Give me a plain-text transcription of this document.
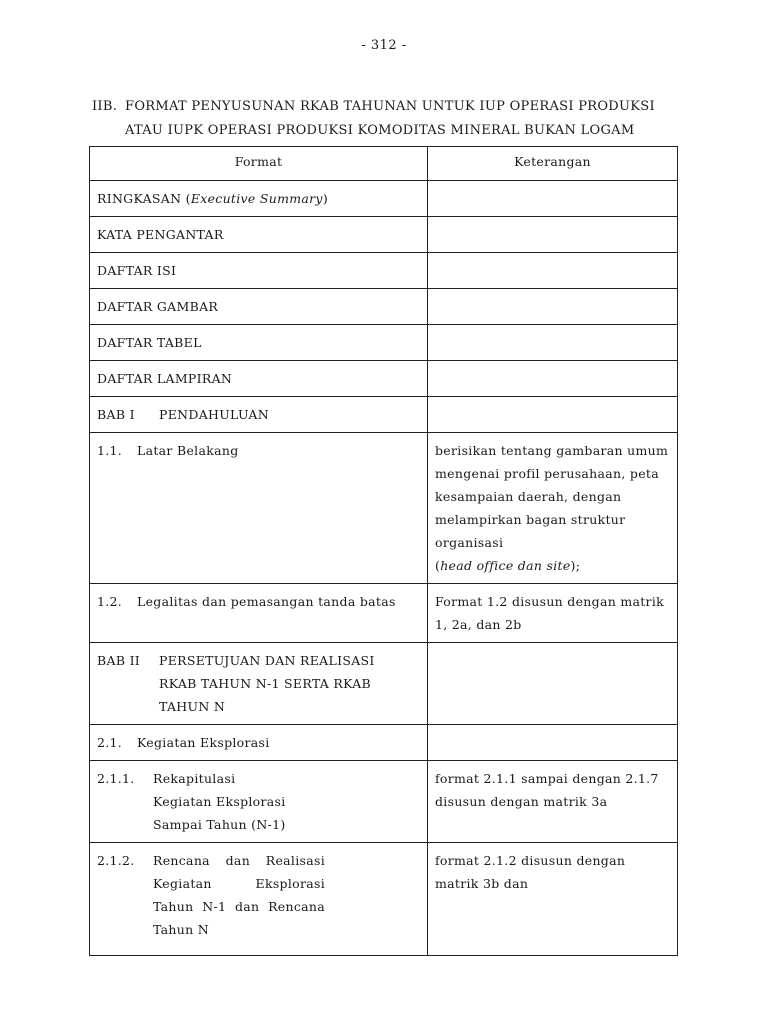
- 312 -
IIB. FORMAT PENYUSUNAN RKAB TAHUNAN UNTUK IUP OPERASI PRODUKSI
ATAU IUPK OPERASI PRODUKSI KOMODITAS MINERAL BUKAN LOGAM
Format	Keterangan
RINGKASAN (Executive Summary)	
KATA PENGANTAR	
DAFTAR ISI	
DAFTAR GAMBAR	
DAFTAR TABEL	
DAFTAR LAMPIRAN	

BAB I PENDAHULUAN	

1.1. Latar Belakang	berisikan tentang gambaran umum mengenai profil perusahaan, peta kesampaian daerah, dengan melampirkan bagan struktur organisasi
(head office dan site);

1.2. Legalitas dan pemasangan tanda batas	Format 1.2 disusun dengan matrik 1, 2a, dan 2b

BAB II PERSETUJUAN DAN REALISASI RKAB TAHUN N-1 SERTA RKAB TAHUN N	

2.1. Kegiatan Eksplorasi	

2.1.1. Rekapitulasi Kegiatan Eksplorasi Sampai Tahun (N-1)	format 2.1.1 sampai dengan 2.1.7 disusun dengan matrik 3a

2.1.2. Rencana dan Realisasi Kegiatan Eksplorasi Tahun N-1 dan Rencana Tahun N	format 2.1.2 disusun dengan matrik 3b dan
